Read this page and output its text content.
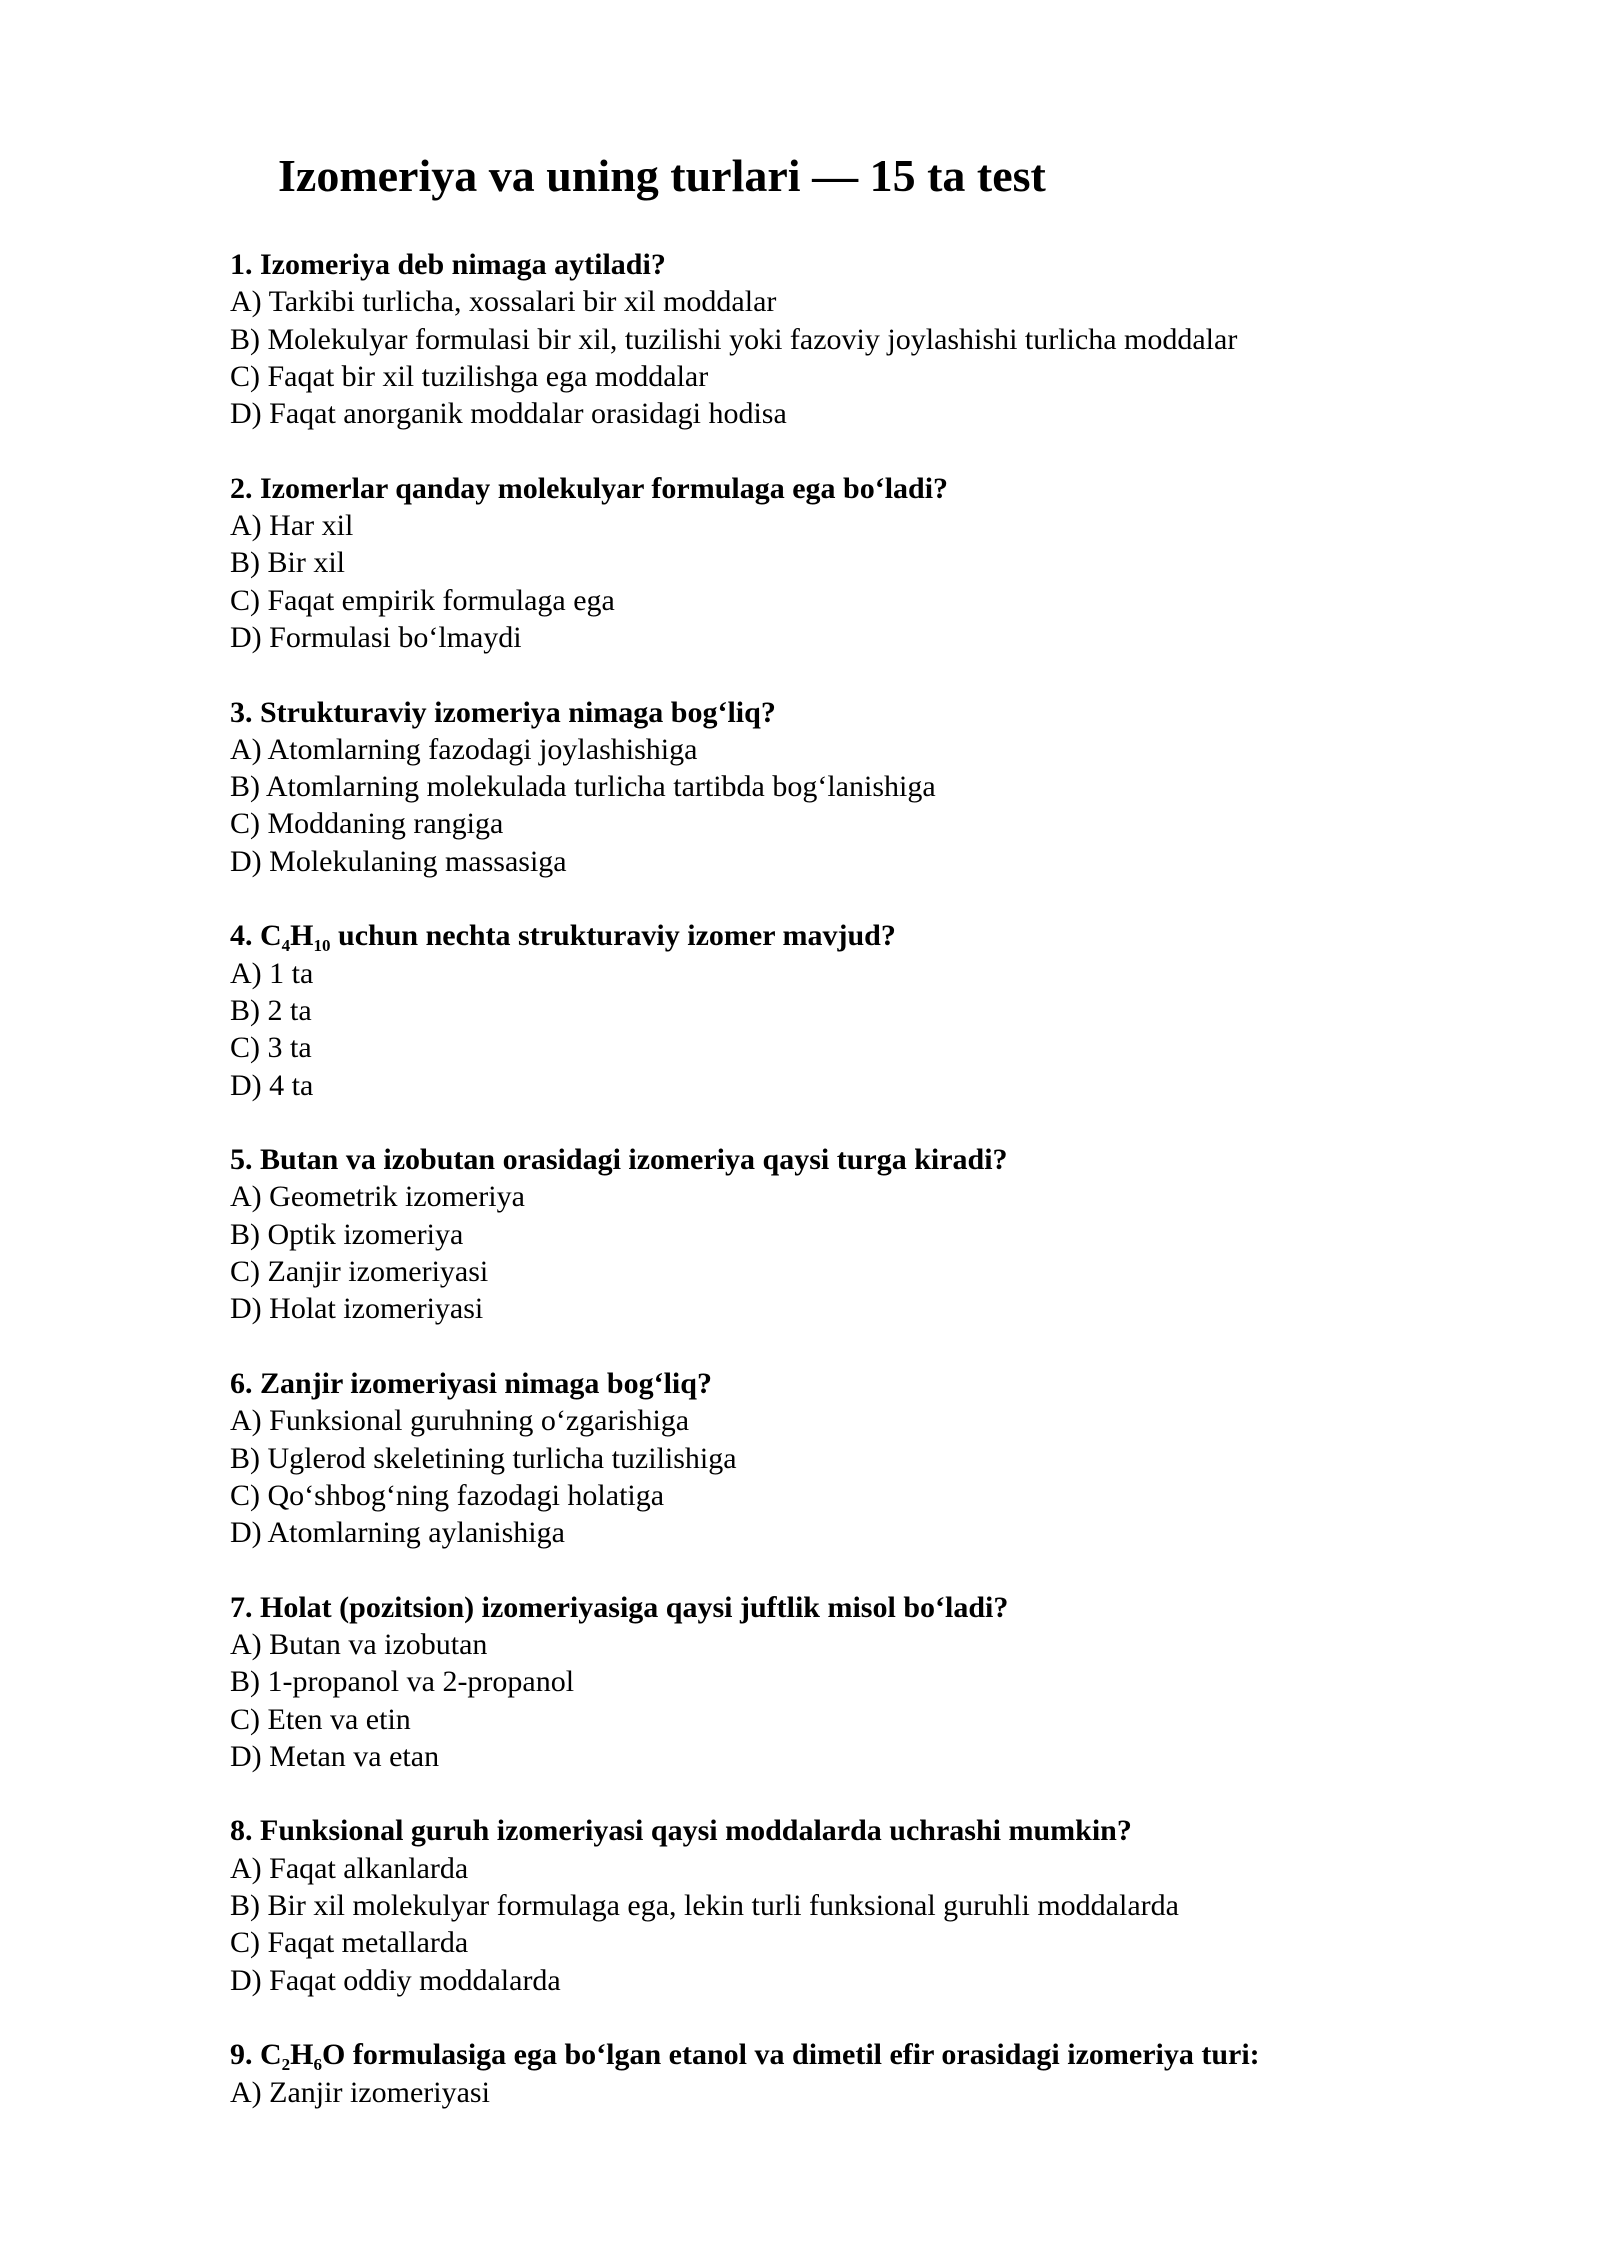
Izomeriya va uning turlari — 15 ta test
1. Izomeriya deb nimaga aytiladi?
A) Tarkibi turlicha, xossalari bir xil moddalar
B) Molekulyar formulasi bir xil, tuzilishi yoki fazoviy joylashishi turlicha moddalar
C) Faqat bir xil tuzilishga ega moddalar
D) Faqat anorganik moddalar orasidagi hodisa
2. Izomerlar qanday molekulyar formulaga ega bo‘ladi?
A) Har xil
B) Bir xil
C) Faqat empirik formulaga ega
D) Formulasi bo‘lmaydi
3. Strukturaviy izomeriya nimaga bog‘liq?
A) Atomlarning fazodagi joylashishiga
B) Atomlarning molekulada turlicha tartibda bog‘lanishiga
C) Moddaning rangiga
D) Molekulaning massasiga
4. $C_4H_{10}$ uchun nechta strukturaviy izomer mavjud?
A) 1 ta
B) 2 ta
C) 3 ta
D) 4 ta
5. Butan va izobutan orasidagi izomeriya qaysi turga kiradi?
A) Geometrik izomeriya
B) Optik izomeriya
C) Zanjir izomeriyasi
D) Holat izomeriyasi
6. Zanjir izomeriyasi nimaga bog‘liq?
A) Funksional guruhning o‘zgarishiga
B) Uglerod skeletining turlicha tuzilishiga
C) Qo‘shbog‘ning fazodagi holatiga
D) Atomlarning aylanishiga
7. Holat (pozitsion) izomeriyasiga qaysi juftlik misol bo‘ladi?
A) Butan va izobutan
B) 1-propanol va 2-propanol
C) Eten va etin
D) Metan va etan
8. Funksional guruh izomeriyasi qaysi moddalarda uchrashi mumkin?
A) Faqat alkanlarda
B) Bir xil molekulyar formulaga ega, lekin turli funksional guruhli moddalarda
C) Faqat metallarda
D) Faqat oddiy moddalarda
9. $C_2H_6O$ formulasiga ega bo‘lgan etanol va dimetil efir orasidagi izomeriya turi:
A) Zanjir izomeriyasi
